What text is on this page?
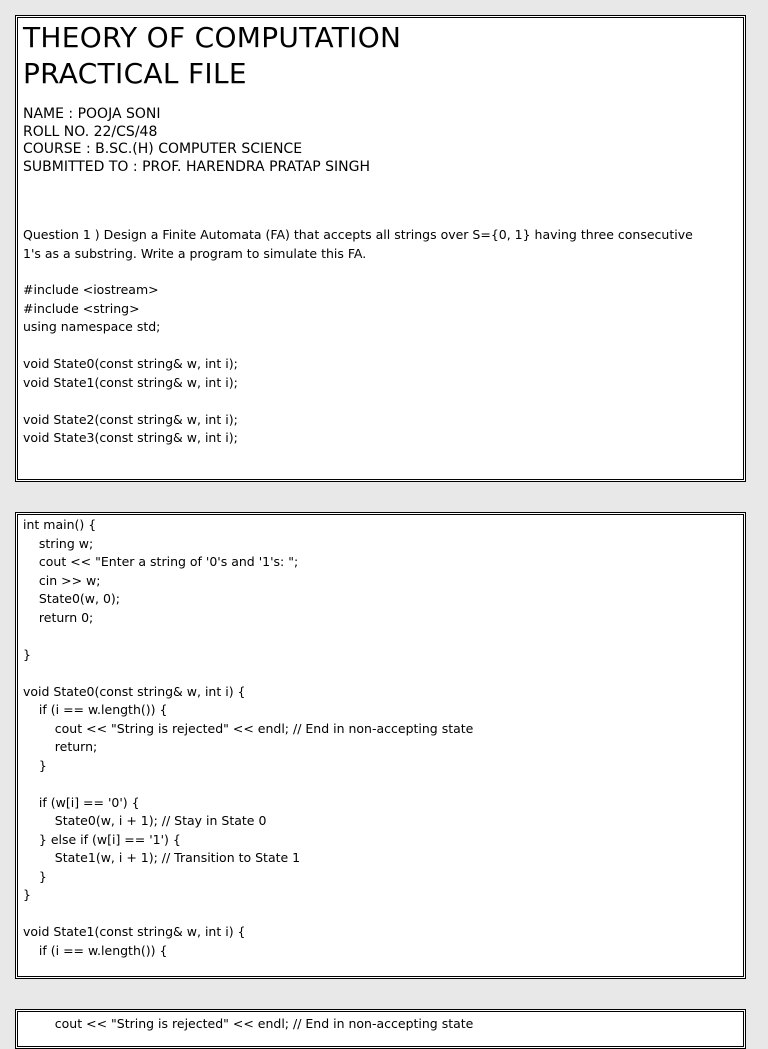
THEORY OF COMPUTATION
PRACTICAL FILE
NAME : POOJA SONI
ROLL NO. 22/CS/48
COURSE : B.SC.(H) COMPUTER SCIENCE
SUBMITTED TO : PROF. HARENDRA PRATAP SINGH
Question 1 ) Design a Finite Automata (FA) that accepts all strings over S={0, 1} having three consecutive 1's as a substring. Write a program to simulate this FA.
#include <iostream>
#include <string>
using namespace std;
void State0(const string& w, int i);
void State1(const string& w, int i);
void State2(const string& w, int i);
void State3(const string& w, int i);
int main() {
string w;
cout << "Enter a string of '0's and '1's: ";
cin >> w;
State0(w, 0);
return 0;
}
void State0(const string& w, int i) {
if (i == w.length()) {
cout << "String is rejected" << endl; // End in non-accepting state
return;
}
if (w[i] == '0') {
State0(w, i + 1); // Stay in State 0
} else if (w[i] == '1') {
State1(w, i + 1); // Transition to State 1
}
}
void State1(const string& w, int i) {
if (i == w.length()) {
cout << "String is rejected" << endl; // End in non-accepting state
